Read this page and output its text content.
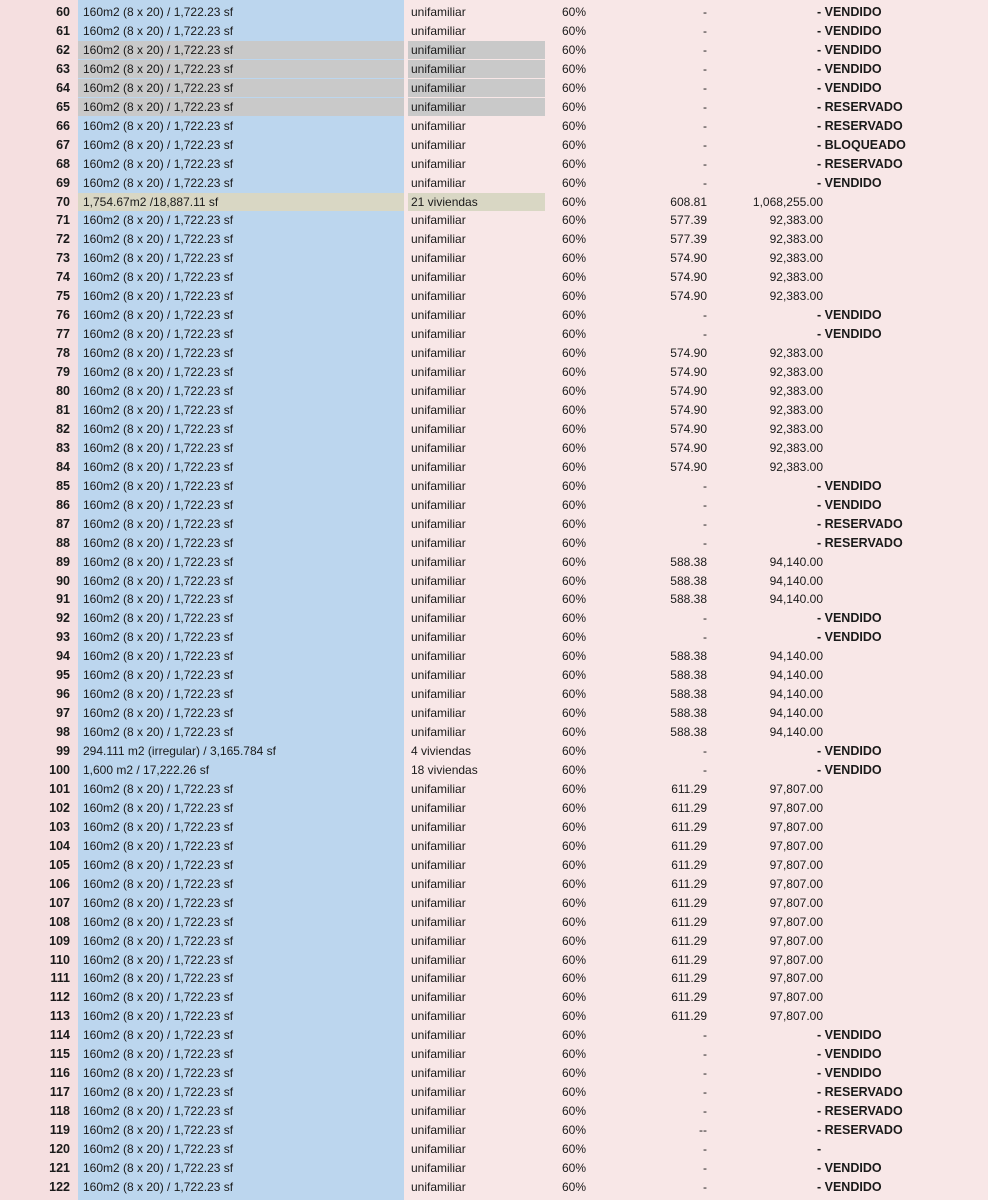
60	160m2 (8 x 20) / 1,722.23 sf	unifamiliar	60%	-	- VENDIDO
61	160m2 (8 x 20) / 1,722.23 sf	unifamiliar	60%	-	- VENDIDO
62	160m2 (8 x 20) / 1,722.23 sf	unifamiliar	60%	-	- VENDIDO
63	160m2 (8 x 20) / 1,722.23 sf	unifamiliar	60%	-	- VENDIDO
64	160m2 (8 x 20) / 1,722.23 sf	unifamiliar	60%	-	- VENDIDO
65	160m2 (8 x 20) / 1,722.23 sf	unifamiliar	60%	-	- RESERVADO
66	160m2 (8 x 20) / 1,722.23 sf	unifamiliar	60%	-	- RESERVADO
67	160m2 (8 x 20) / 1,722.23 sf	unifamiliar	60%	-	- BLOQUEADO
68	160m2 (8 x 20) / 1,722.23 sf	unifamiliar	60%	-	- RESERVADO
69	160m2 (8 x 20) / 1,722.23 sf	unifamiliar	60%	-	- VENDIDO
70	1,754.67m2 /18,887.11 sf	21 viviendas	60%	608.81	1,068,255.00
71	160m2 (8 x 20) / 1,722.23 sf	unifamiliar	60%	577.39	92,383.00
72	160m2 (8 x 20) / 1,722.23 sf	unifamiliar	60%	577.39	92,383.00
73	160m2 (8 x 20) / 1,722.23 sf	unifamiliar	60%	574.90	92,383.00
74	160m2 (8 x 20) / 1,722.23 sf	unifamiliar	60%	574.90	92,383.00
75	160m2 (8 x 20) / 1,722.23 sf	unifamiliar	60%	574.90	92,383.00
76	160m2 (8 x 20) / 1,722.23 sf	unifamiliar	60%	-	- VENDIDO
77	160m2 (8 x 20) / 1,722.23 sf	unifamiliar	60%	-	- VENDIDO
78	160m2 (8 x 20) / 1,722.23 sf	unifamiliar	60%	574.90	92,383.00
79	160m2 (8 x 20) / 1,722.23 sf	unifamiliar	60%	574.90	92,383.00
80	160m2 (8 x 20) / 1,722.23 sf	unifamiliar	60%	574.90	92,383.00
81	160m2 (8 x 20) / 1,722.23 sf	unifamiliar	60%	574.90	92,383.00
82	160m2 (8 x 20) / 1,722.23 sf	unifamiliar	60%	574.90	92,383.00
83	160m2 (8 x 20) / 1,722.23 sf	unifamiliar	60%	574.90	92,383.00
84	160m2 (8 x 20) / 1,722.23 sf	unifamiliar	60%	574.90	92,383.00
85	160m2 (8 x 20) / 1,722.23 sf	unifamiliar	60%	-	- VENDIDO
86	160m2 (8 x 20) / 1,722.23 sf	unifamiliar	60%	-	- VENDIDO
87	160m2 (8 x 20) / 1,722.23 sf	unifamiliar	60%	-	- RESERVADO
88	160m2 (8 x 20) / 1,722.23 sf	unifamiliar	60%	-	- RESERVADO
89	160m2 (8 x 20) / 1,722.23 sf	unifamiliar	60%	588.38	94,140.00
90	160m2 (8 x 20) / 1,722.23 sf	unifamiliar	60%	588.38	94,140.00
91	160m2 (8 x 20) / 1,722.23 sf	unifamiliar	60%	588.38	94,140.00
92	160m2 (8 x 20) / 1,722.23 sf	unifamiliar	60%	-	- VENDIDO
93	160m2 (8 x 20) / 1,722.23 sf	unifamiliar	60%	-	- VENDIDO
94	160m2 (8 x 20) / 1,722.23 sf	unifamiliar	60%	588.38	94,140.00
95	160m2 (8 x 20) / 1,722.23 sf	unifamiliar	60%	588.38	94,140.00
96	160m2 (8 x 20) / 1,722.23 sf	unifamiliar	60%	588.38	94,140.00
97	160m2 (8 x 20) / 1,722.23 sf	unifamiliar	60%	588.38	94,140.00
98	160m2 (8 x 20) / 1,722.23 sf	unifamiliar	60%	588.38	94,140.00
99	294.111 m2 (irregular) / 3,165.784 sf	4 viviendas	60%	-	- VENDIDO
100	1,600 m2 / 17,222.26 sf	18 viviendas	60%	-	- VENDIDO
101	160m2 (8 x 20) / 1,722.23 sf	unifamiliar	60%	611.29	97,807.00
102	160m2 (8 x 20) / 1,722.23 sf	unifamiliar	60%	611.29	97,807.00
103	160m2 (8 x 20) / 1,722.23 sf	unifamiliar	60%	611.29	97,807.00
104	160m2 (8 x 20) / 1,722.23 sf	unifamiliar	60%	611.29	97,807.00
105	160m2 (8 x 20) / 1,722.23 sf	unifamiliar	60%	611.29	97,807.00
106	160m2 (8 x 20) / 1,722.23 sf	unifamiliar	60%	611.29	97,807.00
107	160m2 (8 x 20) / 1,722.23 sf	unifamiliar	60%	611.29	97,807.00
108	160m2 (8 x 20) / 1,722.23 sf	unifamiliar	60%	611.29	97,807.00
109	160m2 (8 x 20) / 1,722.23 sf	unifamiliar	60%	611.29	97,807.00
110	160m2 (8 x 20) / 1,722.23 sf	unifamiliar	60%	611.29	97,807.00
111	160m2 (8 x 20) / 1,722.23 sf	unifamiliar	60%	611.29	97,807.00
112	160m2 (8 x 20) / 1,722.23 sf	unifamiliar	60%	611.29	97,807.00
113	160m2 (8 x 20) / 1,722.23 sf	unifamiliar	60%	611.29	97,807.00
114	160m2 (8 x 20) / 1,722.23 sf	unifamiliar	60%	-	- VENDIDO
115	160m2 (8 x 20) / 1,722.23 sf	unifamiliar	60%	-	- VENDIDO
116	160m2 (8 x 20) / 1,722.23 sf	unifamiliar	60%	-	- VENDIDO
117	160m2 (8 x 20) / 1,722.23 sf	unifamiliar	60%	-	- RESERVADO
118	160m2 (8 x 20) / 1,722.23 sf	unifamiliar	60%	-	- RESERVADO
119	160m2 (8 x 20) / 1,722.23 sf	unifamiliar	60%	--	- RESERVADO
120	160m2 (8 x 20) / 1,722.23 sf	unifamiliar	60%	-	-
121	160m2 (8 x 20) / 1,722.23 sf	unifamiliar	60%	-	- VENDIDO
122	160m2 (8 x 20) / 1,722.23 sf	unifamiliar	60%	-	- VENDIDO
